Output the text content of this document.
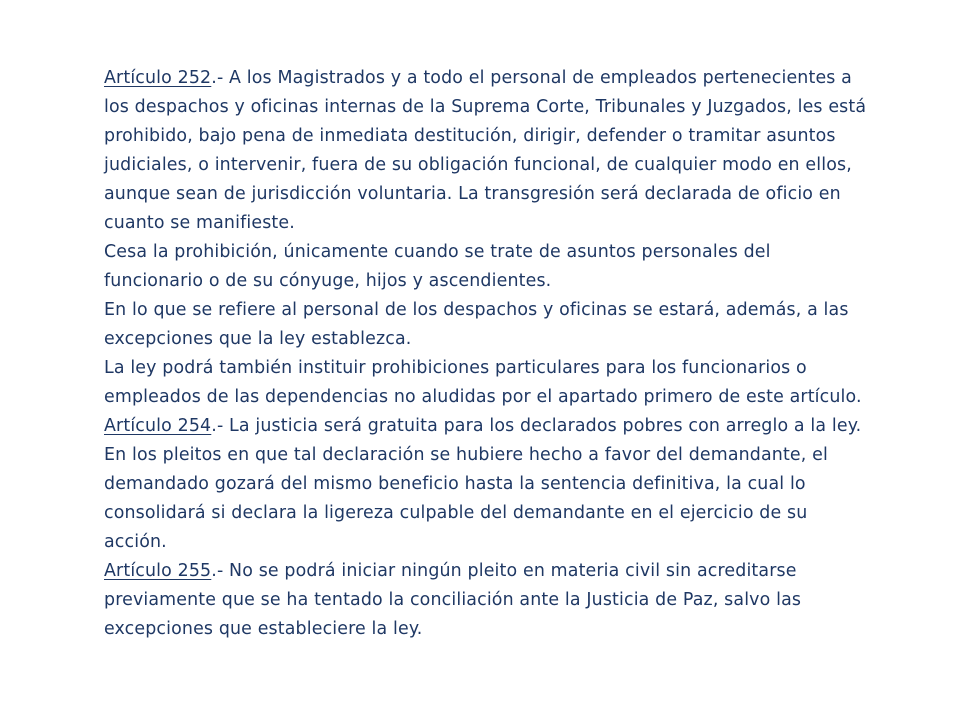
Artículo 252.- A los Magistrados y a todo el personal de empleados pertenecientes a los despachos y oficinas internas de la Suprema Corte, Tribunales y Juzgados, les está prohibido, bajo pena de inmediata destitución, dirigir, defender o tramitar asuntos judiciales, o intervenir, fuera de su obligación funcional, de cualquier modo en ellos, aunque sean de jurisdicción voluntaria. La transgresión será declarada de oficio en cuanto se manifieste.

Cesa la prohibición, únicamente cuando se trate de asuntos personales del funcionario o de su cónyuge, hijos y ascendientes.

En lo que se refiere al personal de los despachos y oficinas se estará, además, a las excepciones que la ley establezca.

La ley podrá también instituir prohibiciones particulares para los funcionarios o empleados de las dependencias no aludidas por el apartado primero de este artículo.

Artículo 254.- La justicia será gratuita para los declarados pobres con arreglo a la ley. En los pleitos en que tal declaración se hubiere hecho a favor del demandante, el demandado gozará del mismo beneficio hasta la sentencia definitiva, la cual lo consolidará si declara la ligereza culpable del demandante en el ejercicio de su acción.

Artículo 255.- No se podrá iniciar ningún pleito en materia civil sin acreditarse previamente que se ha tentado la conciliación ante la Justicia de Paz, salvo las excepciones que estableciere la ley.
